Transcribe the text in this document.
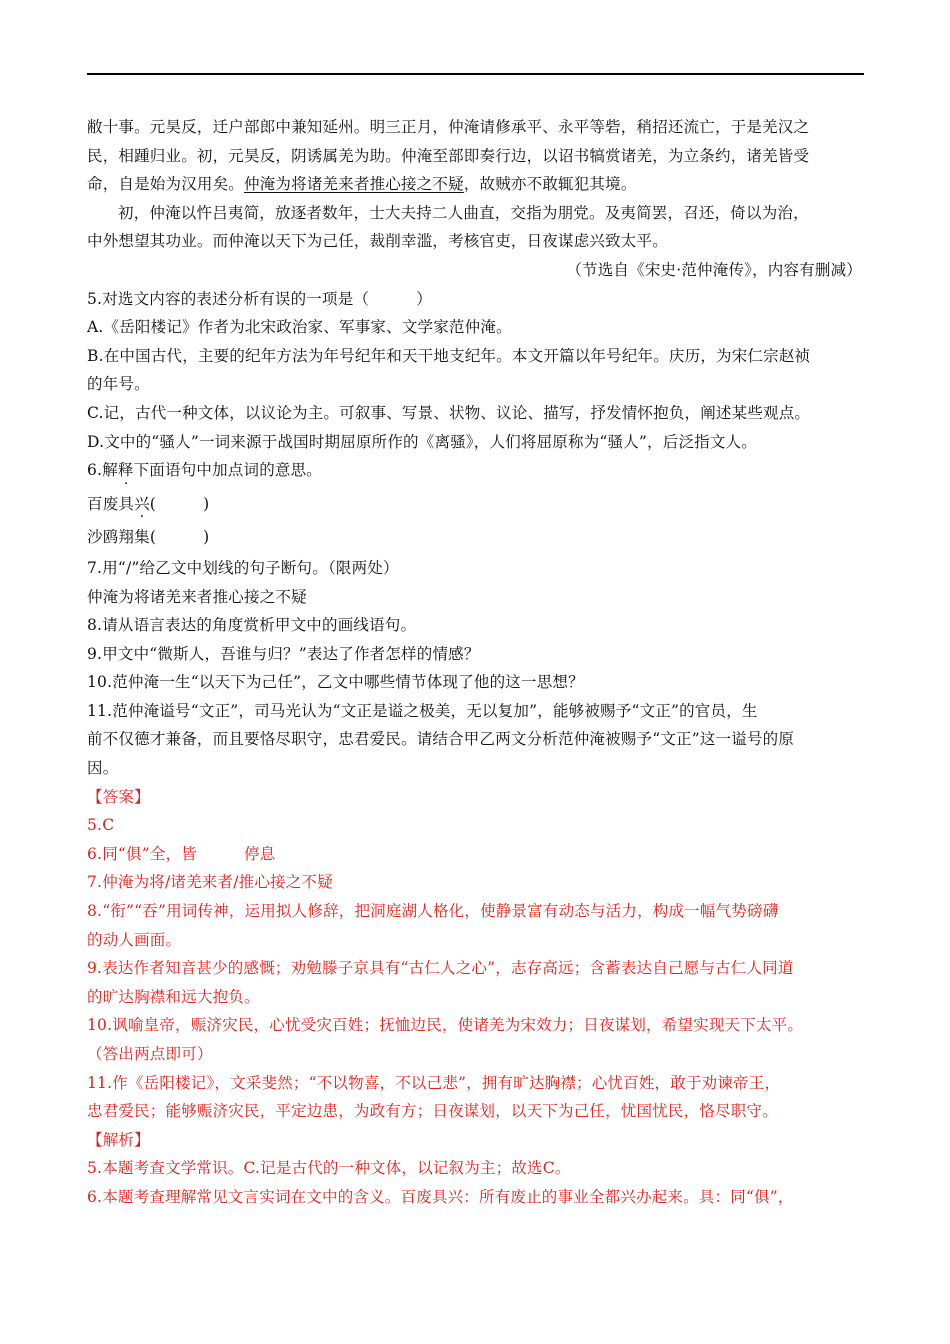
敝十事。元昊反，迁户部郎中兼知延州。明三正月，仲淹请修承平、永平等砦，稍招还流亡，于是羌汉之
民，相踵归业。初，元昊反，阴诱属羌为助。仲淹至部即奏行边，以诏书犒赏诸羌，为立条约，诸羌皆受
命，自是始为汉用矣。仲淹为将诸羌来者推心接之不疑，故贼亦不敢辄犯其境。
初，仲淹以忤吕夷简，放逐者数年，士大夫持二人曲直，交指为朋党。及夷简罢，召还，倚以为治，
中外想望其功业。而仲淹以天下为己任，裁削幸滥，考核官吏，日夜谋虑兴致太平。
（节选自《宋史·范仲淹传》，内容有删减）
5.对选文内容的表述分析有误的一项是（　　　）
A.《岳阳楼记》作者为北宋政治家、军事家、文学家范仲淹。
B.在中国古代，主要的纪年方法为年号纪年和天干地支纪年。本文开篇以年号纪年。庆历，为宋仁宗赵祯
的年号。
C.记，古代一种文体，以议论为主。可叙事、写景、状物、议论、描写，抒发情怀抱负，阐述某些观点。
D.文中的“骚人”一词来源于战国时期屈原所作的《离骚》，人们将屈原称为“骚人”，后泛指文人。
6.解释下面语句中加点词的意思。
百废具兴(　　　)
沙鸥翔集(　　　)
7.用“/”给乙文中划线的句子断句。（限两处）
仲淹为将诸羌来者推心接之不疑
8.请从语言表达的角度赏析甲文中的画线语句。
9.甲文中“微斯人，吾谁与归？”表达了作者怎样的情感？
10.范仲淹一生“以天下为己任”，乙文中哪些情节体现了他的这一思想？
11.范仲淹谥号“文正”，司马光认为“文正是谥之极美，无以复加”，能够被赐予“文正”的官员，生
前不仅德才兼备，而且要恪尽职守，忠君爱民。请结合甲乙两文分析范仲淹被赐予“文正”这一谥号的原
因。
【答案】
5.C
6.同“俱”全，皆　　　停息
7.仲淹为将/诸羌来者/推心接之不疑
8.“衔”“吞”用词传神，运用拟人修辞，把洞庭湖人格化，使静景富有动态与活力，构成一幅气势磅礴
的动人画面。
9.表达作者知音甚少的感慨；劝勉滕子京具有“古仁人之心”，志存高远；含蓄表达自己愿与古仁人同道
的旷达胸襟和远大抱负。
10.讽喻皇帝，赈济灾民，心忧受灾百姓；抚恤边民，使诸羌为宋效力；日夜谋划，希望实现天下太平。
（答出两点即可）
11.作《岳阳楼记》，文采斐然；“不以物喜，不以己悲”，拥有旷达胸襟；心忧百姓，敢于劝谏帝王，
忠君爱民；能够赈济灾民，平定边患，为政有方；日夜谋划，以天下为己任，忧国忧民，恪尽职守。
【解析】
5.本题考查文学常识。C.记是古代的一种文体，以记叙为主；故选C。
6.本题考查理解常见文言实词在文中的含义。百废具兴：所有废止的事业全都兴办起来。具：同“俱”，
